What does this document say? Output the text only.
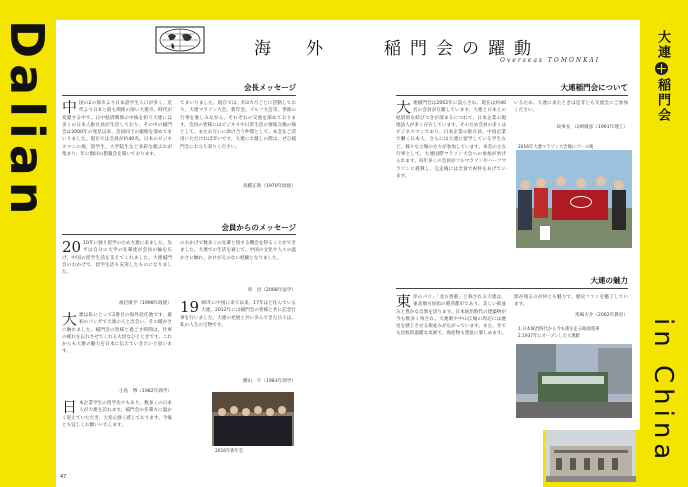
Dalian
in China
大連
稲門会
海　外	稲門会の躍動
Overseas TOMONKAI
会長メッセージ
中 国の2の都市より日本語学生人口が多く、近代より日本と最も関係の深い大連市。時代が変遷する中で、日中経済関係の中核を担う大連には多くの日本人駐在員が生活しており、その中の稲門会は2000年の発足以来、会員同士の親睦を深めてまいりました。現在では会員が約40名。日本のビジネスマンの他、留学生、大学院生など多彩な顔ぶれが集まり、年に数回の懇親会を開いております。
てまいりました。現在では、約3カ月ごとに活動しており、大連マラソン大会、新年会、ゴルフ大会等、季節の行事を楽しみながら、それぞれの交流を深めております。会員の皆様にはビジネスや日常生活の情報交換の場として、またお互いに助け合う仲間として、本会をご活用いただければ幸いです。大連にお越しの際は、ぜひ稲門会にお立ち寄りください。
高橋正和（1970年政経）
会員からのメッセージ
20 10年に独り留学のため大連に来ました。先ずは自分の大学の先輩達が会員の輪を広げ、中国の留学生活を支えてくれました。大連稲門会のおかげで、留学生活も充実したものになりました。
渡辺康平（1998年政経）
大 連は私にとって2番目の海外赴任地です。最初のパンガで大連の人と出会い、その暖かさに触れました。稲門会の皆様と過ごす時間は、仕事の疲れを忘れさせてくれる大切なひとときです。これからも大連の魅力を日本に伝えていきたいと思います。
小島　博（1982年商学）
日 本企業学生の留学先でもあり、数多くの日本人が大連を訪れます。稲門会の先輩方に温かく迎えていただき、大変心強く感じております。今後とも宜しくお願いいたします。
のおかげで数多くの先輩と接する機会を得ることができました。大連での生活を通じて、中国の文化や人々の温かさに触れ、かけがえのない経験となりました。
刈　昌（2008年法学）
19 95年に中国に来て以来、17年ほど住んでいる大連。2012年には稲門会の皆様と共に記念行事を行いました。大連の発展と共に歩んできた日々は、私の人生の宝物です。
横山　宇（1983年商学）
2016年新年会
47
大連稲門会について
大 連稲門会は2002年に設立され、現在は約40名の会員が在籍しています。大連と日本との経済的な結びつきが深まるにつれて、日本企業の現地法人が多く存在しています。そのため会員の多くはビジネスマンであり、日本企業の駐在員、中国企業で働く日本人、さらには大連に留学している学生など、様々な立場の方々が参加しています。本会の主な行事として、大連国際マラソン大会への参加が挙げられます。毎年多くの会員がフルマラソンやハーフマラソンに挑戦し、完走後には全員で祝杯をあげています。
いるため、大連に来たときは是非とも交流会にご参加ください。
故事長　山崎敏彦（1991年理工）
2016年大連マラソン大会後にゴール後
大連の魅力
東 洋のパリ」「北方香港」と称される大連は、東北地方屈指の港湾都市であり、美しい街並みと豊かな自然を誇ります。日本統治時代の建築物が今も数多く残され、大連駅や中山広場の周辺には歴史を感じさせる街並みが広がっています。また、冬でも比較的温暖な気候で、海産物も豊富に楽しめます。
影が残るのが何とも魅力で、歴史ファンを魅了しています。
馬場大介（2002年教育）
1.日本統治時代から今も街を走る路面電車
2.1937年にオープンした大連駅
